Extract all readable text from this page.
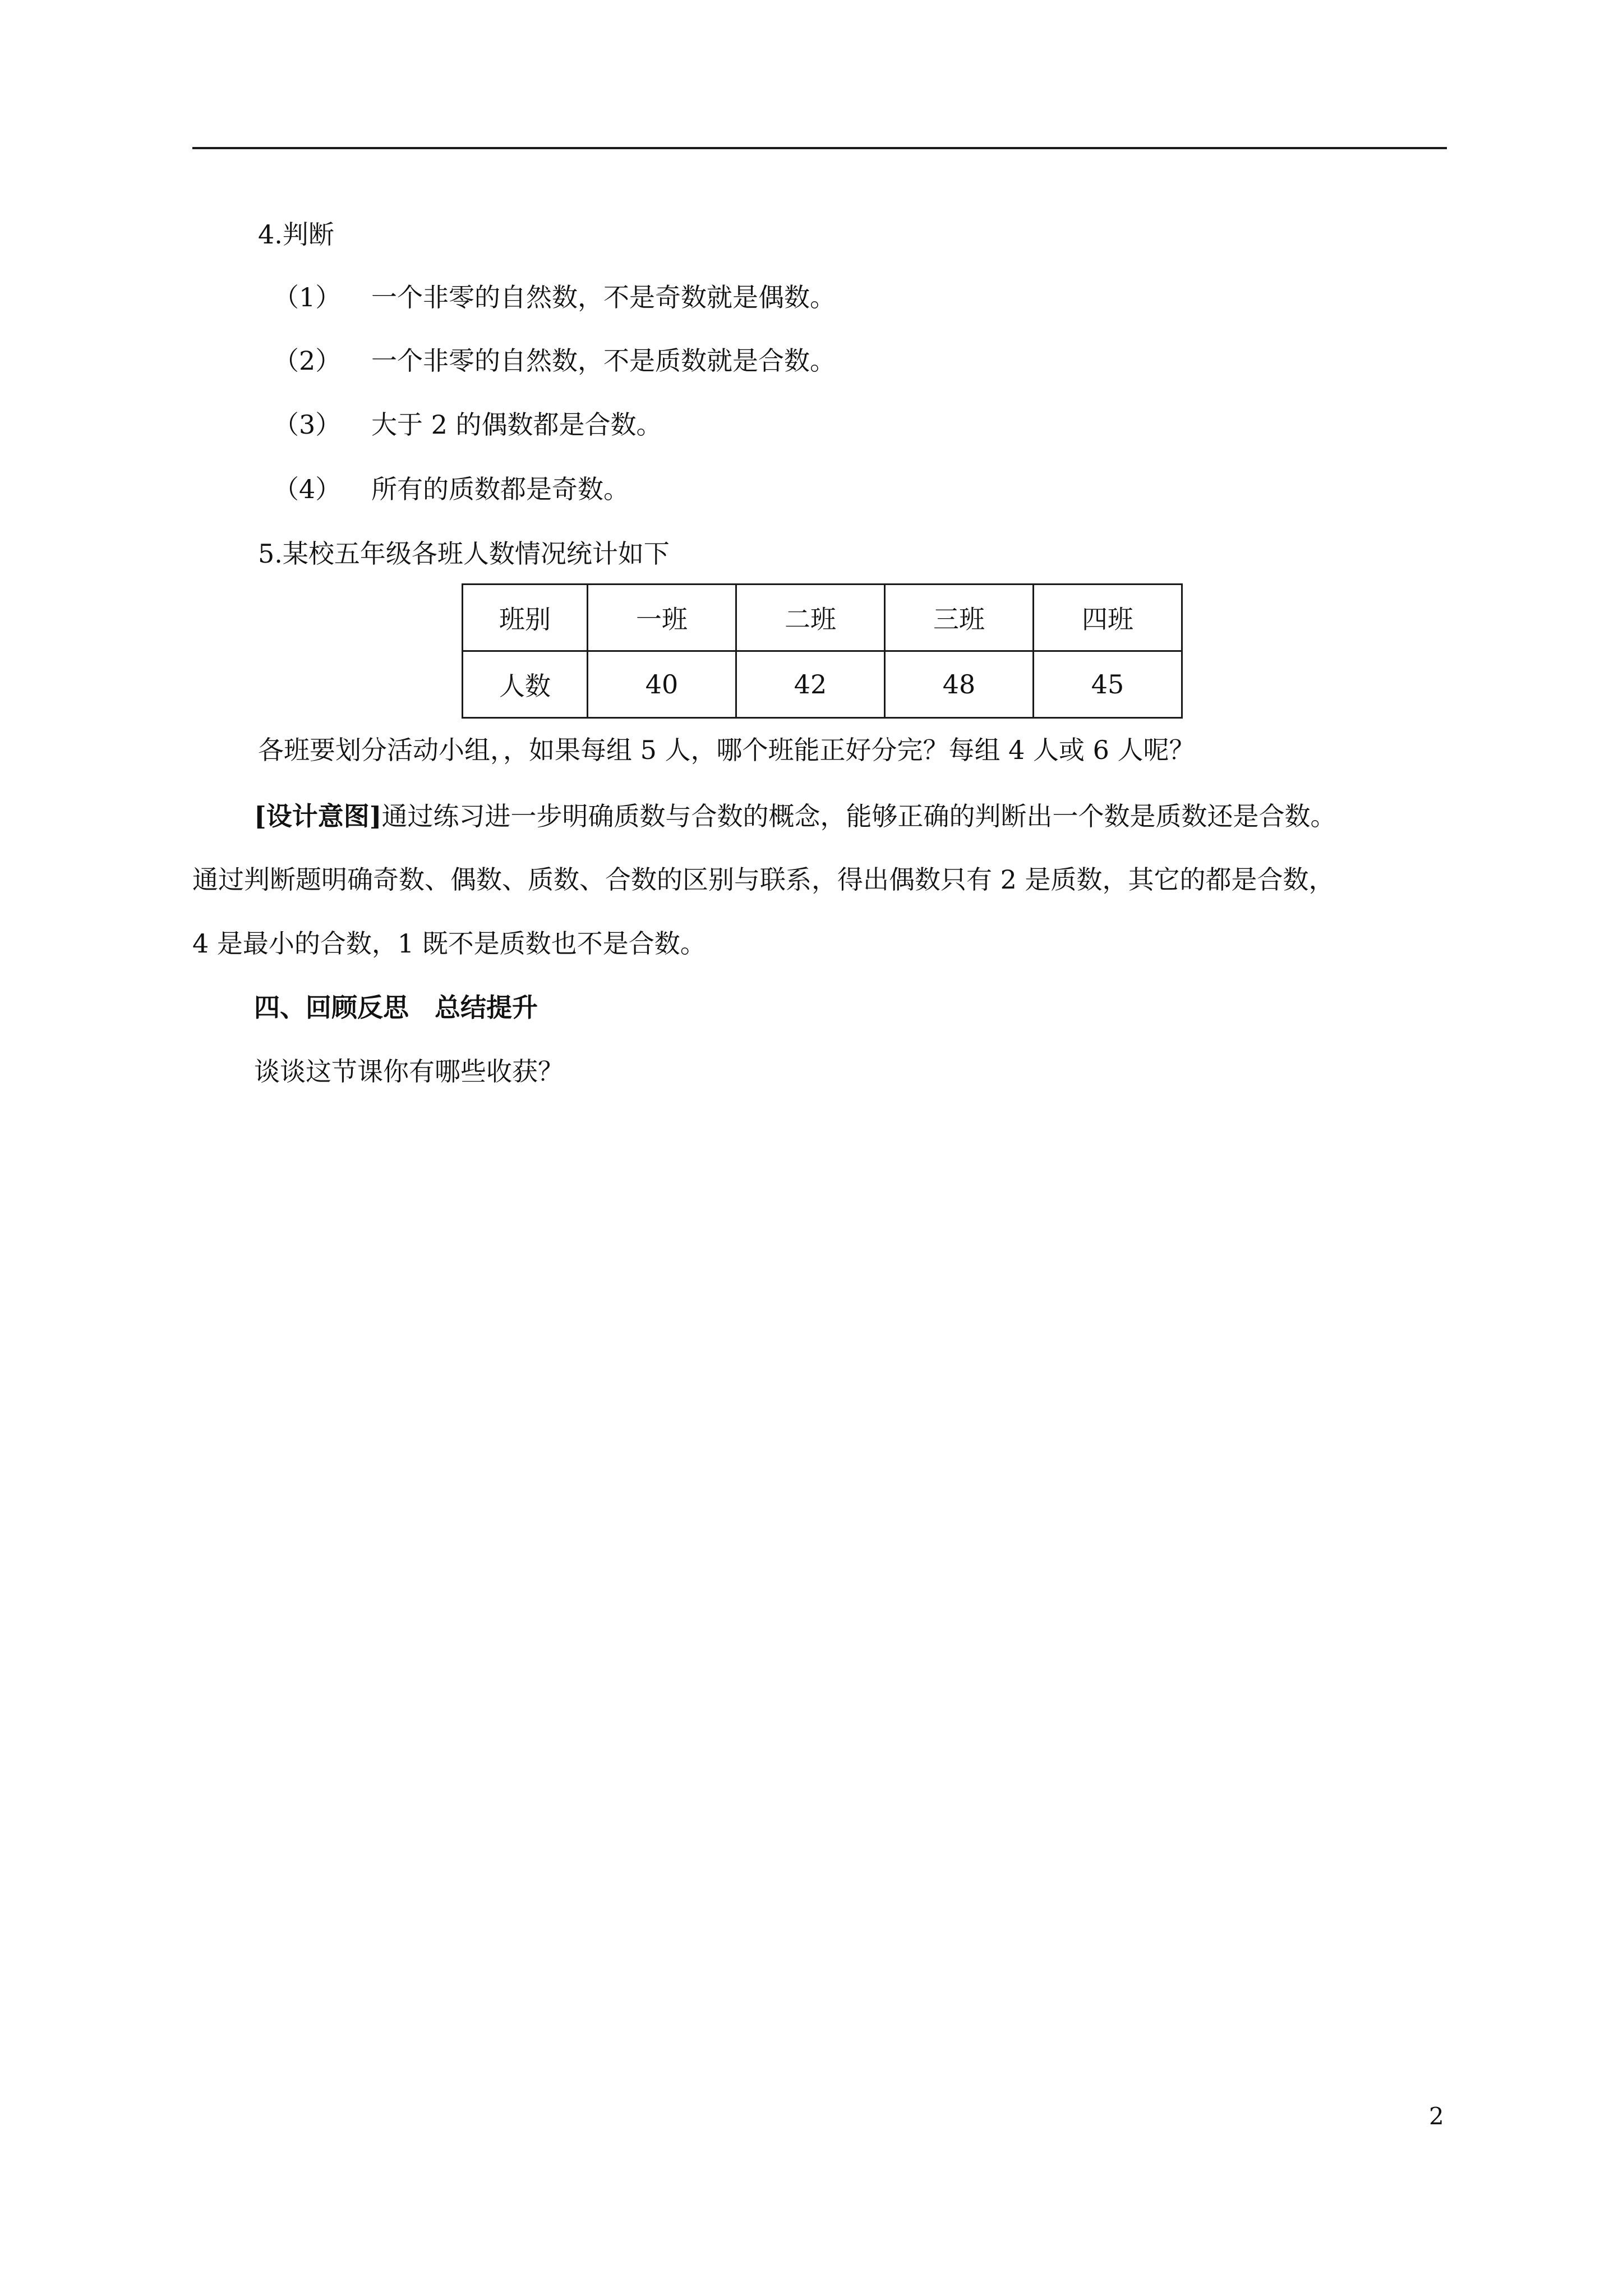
4.判断
（1） 一个非零的自然数，不是奇数就是偶数。
（2） 一个非零的自然数，不是质数就是合数。
（3） 大于 2 的偶数都是合数。
（4） 所有的质数都是奇数。
5.某校五年级各班人数情况统计如下
班别	一班	二班	三班	四班
人数	40	42	48	45
各班要划分活动小组，，如果每组 5 人，哪个班能正好分完？每组 4 人或 6 人呢？
[设计意图]通过练习进一步明确质数与合数的概念，能够正确的判断出一个数是质数还是合数。
通过判断题明确奇数、偶数、质数、合数的区别与联系，得出偶数只有 2 是质数，其它的都是合数，
4 是最小的合数，1 既不是质数也不是合数。
四、回顾反思　总结提升
谈谈这节课你有哪些收获？
2
